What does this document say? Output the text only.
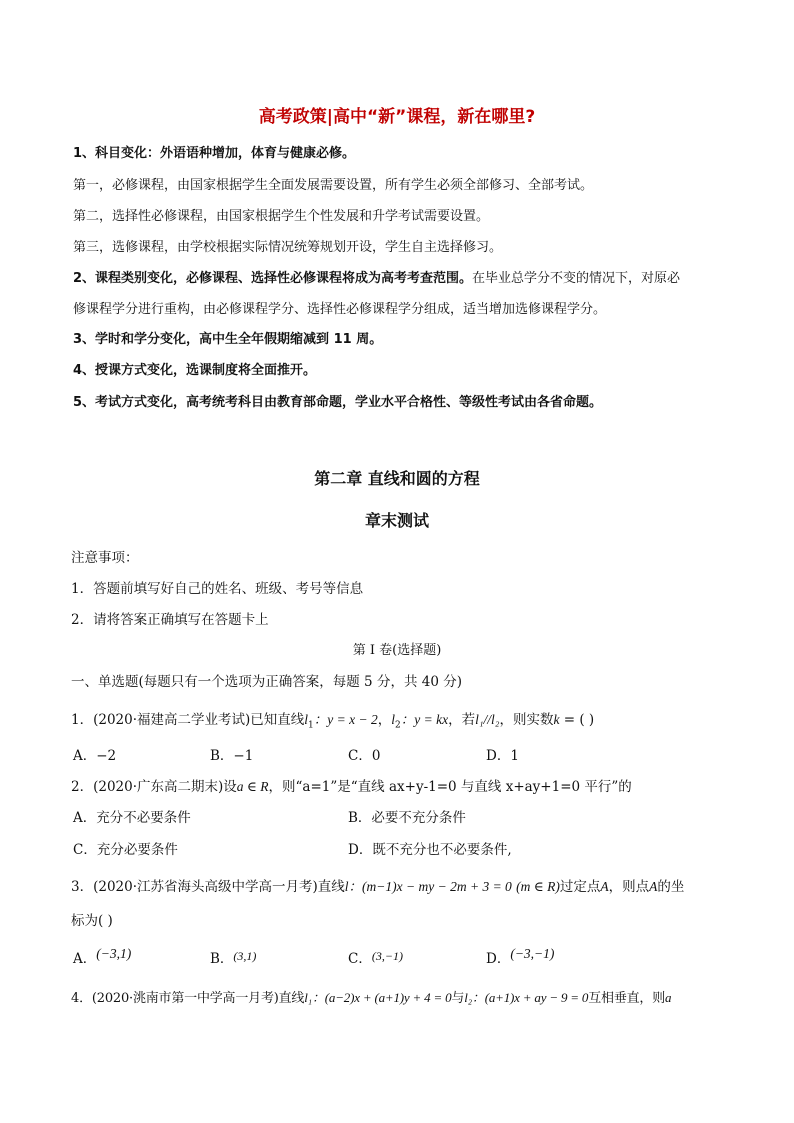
高考政策|高中“新”课程，新在哪里?
1、科目变化：外语语种增加，体育与健康必修。
第一，必修课程，由国家根据学生全面发展需要设置，所有学生必须全部修习、全部考试。
第二，选择性必修课程，由国家根据学生个性发展和升学考试需要设置。
第三，选修课程，由学校根据实际情况统筹规划开设，学生自主选择修习。
2、课程类别变化，必修课程、选择性必修课程将成为高考考查范围。在毕业总学分不变的情况下，对原必
修课程学分进行重构，由必修课程学分、选择性必修课程学分组成，适当增加选修课程学分。
3、学时和学分变化，高中生全年假期缩减到 11 周。
4、授课方式变化，选课制度将全面推开。
5、考试方式变化，高考统考科目由教育部命题，学业水平合格性、等级性考试由各省命题。
第二章 直线和圆的方程
章末测试
注意事项：
1．答题前填写好自己的姓名、班级、考号等信息
2．请将答案正确填写在答题卡上
第 I 卷(选择题)
一、单选题(每题只有一个选项为正确答案，每题 5 分，共 40 分)
1．(2020·福建高二学业考试)已知直线$l_1$：y = x − 2，$l_2$：y = kx，若l₁//l₂，则实数k = ( )
A．−2	B．−1	C．0	D．1
2．(2020·广东高二期末)设a ∈ R，则“a=1”是“直线 ax+y-1=0 与直线 x+ay+1=0 平行”的
A．充分不必要条件	B．必要不充分条件
C．充分必要条件	D．既不充分也不必要条件,
3．(2020·江苏省海头高级中学高一月考)直线l：(m−1)x − my − 2m + 3 = 0 (m ∈ R)过定点A，则点A的坐
标为( )
A．(−3,1)	B．(3,1)	C．(3,−1)	D．(−3,−1)
4．(2020·洮南市第一中学高一月考)直线l₁：(a−2)x + (a+1)y + 4 = 0与l₂：(a+1)x + ay − 9 = 0互相垂直，则a
